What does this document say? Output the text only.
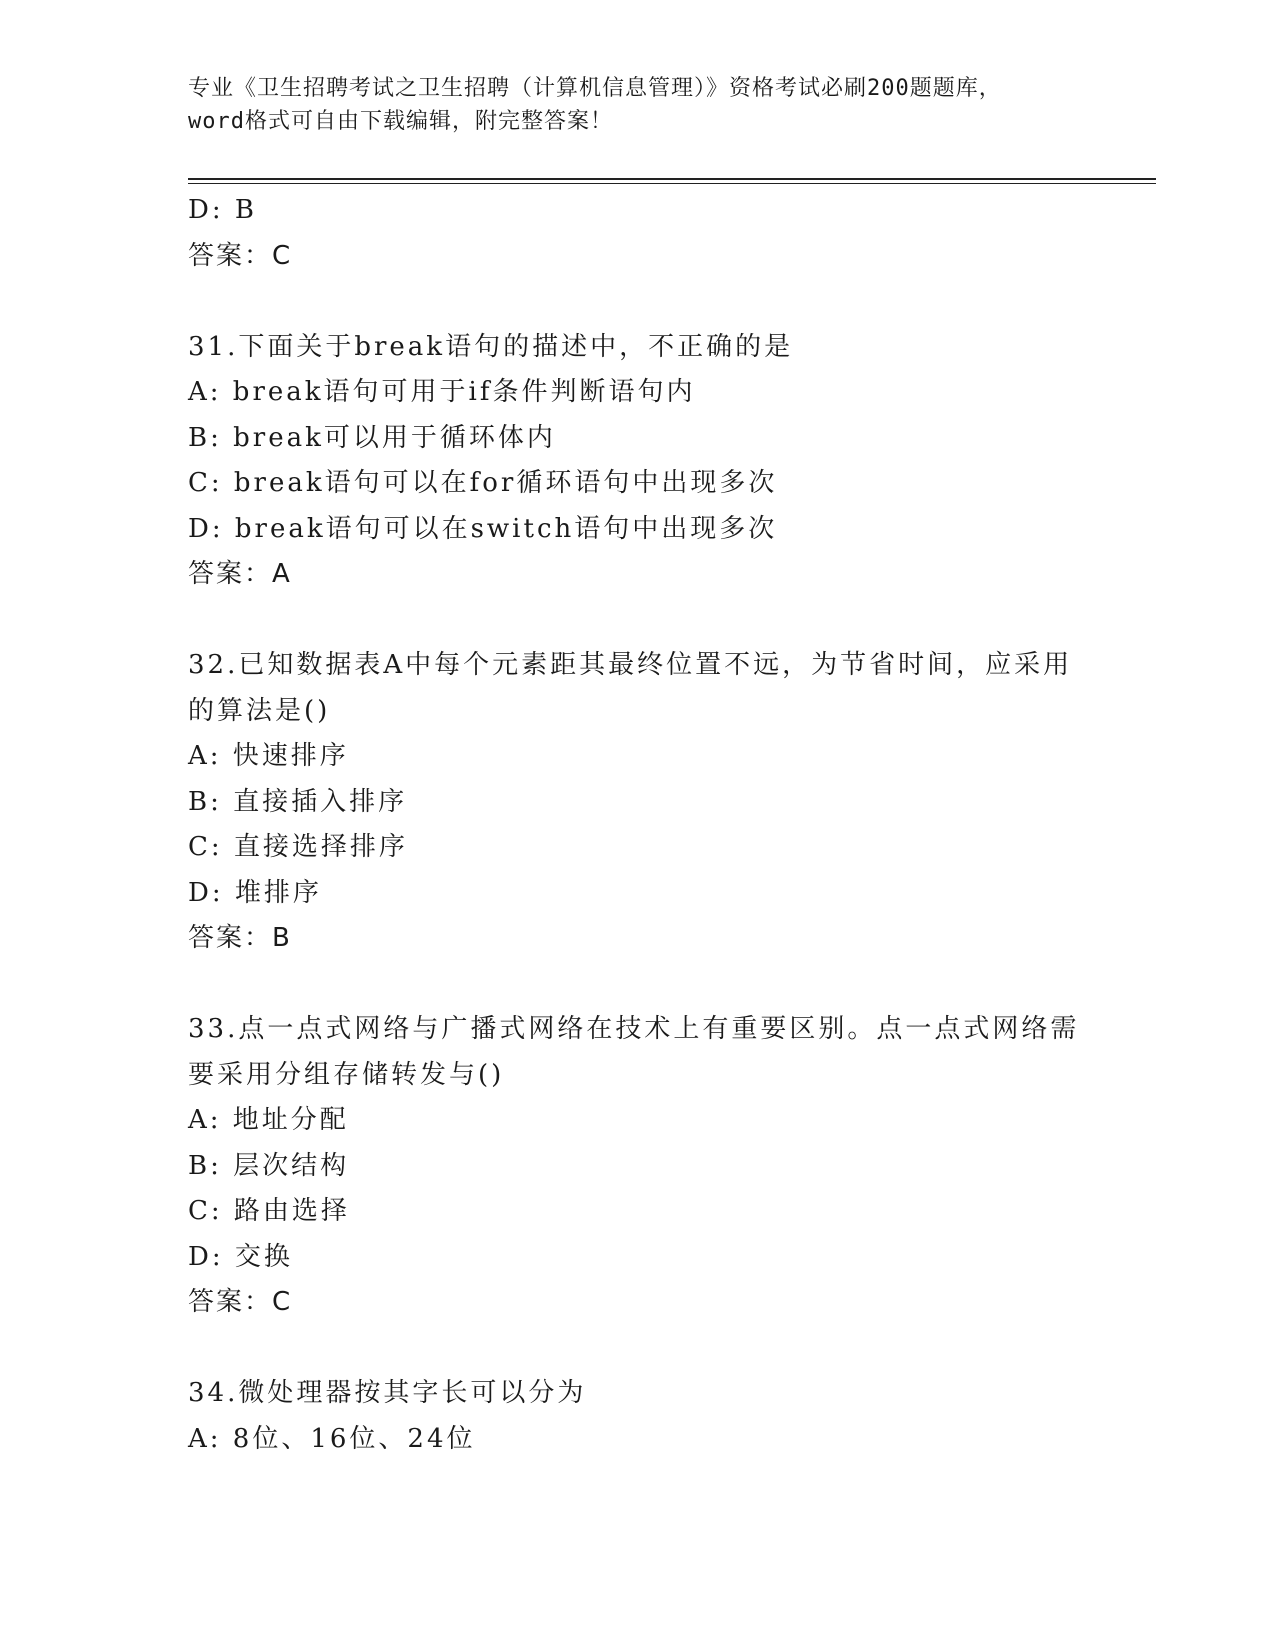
专业《卫生招聘考试之卫生招聘（计算机信息管理）》资格考试必刷200题题库，
word格式可自由下载编辑，附完整答案！
D: B
答案：C
31.下面关于break语句的描述中，不正确的是
A: break语句可用于if条件判断语句内
B: break可以用于循环体内
C: break语句可以在for循环语句中出现多次
D: break语句可以在switch语句中出现多次
答案：A
32.已知数据表A中每个元素距其最终位置不远，为节省时间，应采用
的算法是()
A: 快速排序
B: 直接插入排序
C: 直接选择排序
D: 堆排序
答案：B
33.点一点式网络与广播式网络在技术上有重要区别。点一点式网络需
要采用分组存储转发与()
A: 地址分配
B: 层次结构
C: 路由选择
D: 交换
答案：C
34.微处理器按其字长可以分为
A: 8位、16位、24位
